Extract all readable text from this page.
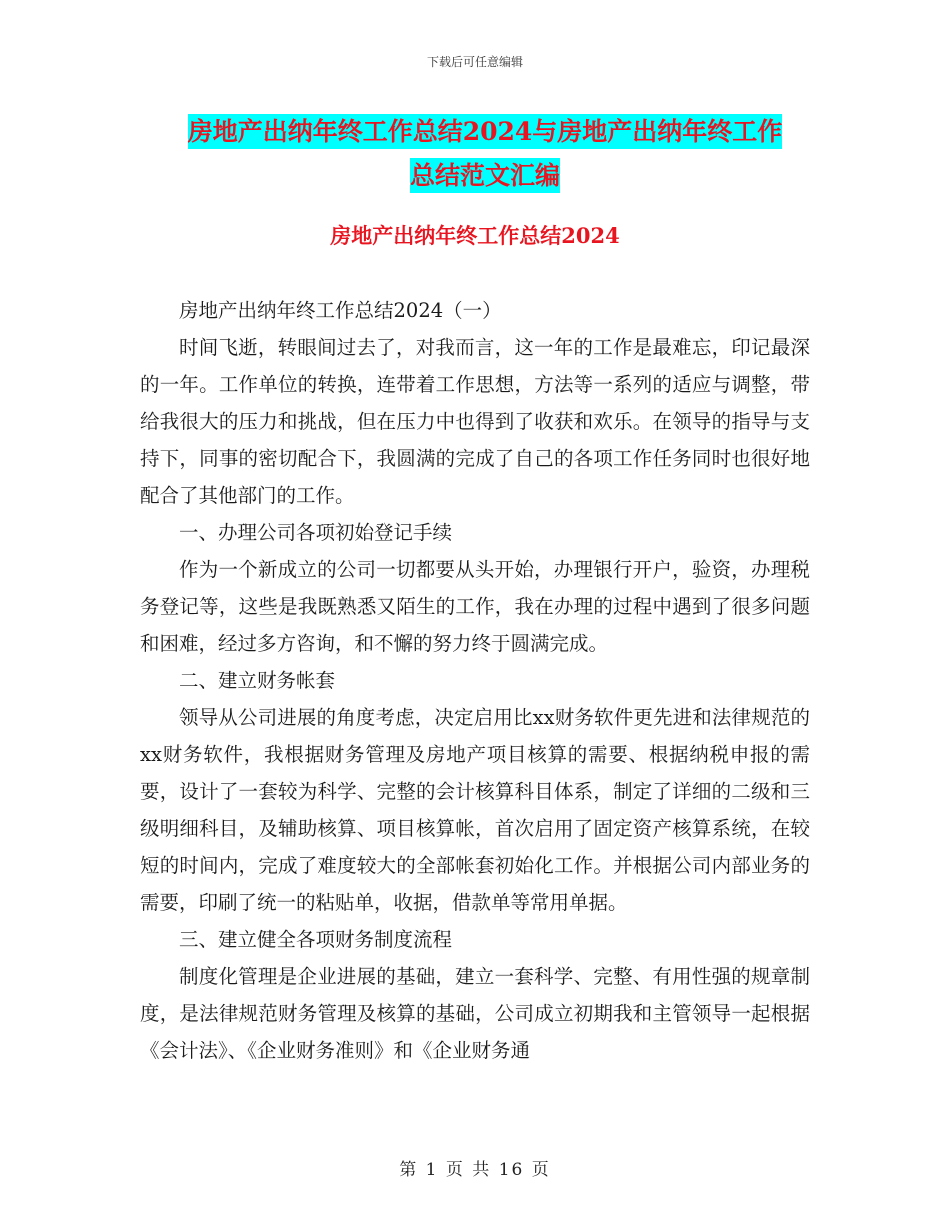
下载后可任意编辑
房地产出纳年终工作总结2024与房地产出纳年终工作
总结范文汇编
房地产出纳年终工作总结2024

房地产出纳年终工作总结2024（一）

时间飞逝，转眼间过去了，对我而言，这一年的工作是最难忘，印记最深的一年。工作单位的转换，连带着工作思想，方法等一系列的适应与调整，带给我很大的压力和挑战，但在压力中也得到了收获和欢乐。在领导的指导与支持下，同事的密切配合下，我圆满的完成了自己的各项工作任务同时也很好地配合了其他部门的工作。

一、办理公司各项初始登记手续

作为一个新成立的公司一切都要从头开始，办理银行开户，验资，办理税务登记等，这些是我既熟悉又陌生的工作，我在办理的过程中遇到了很多问题和困难，经过多方咨询，和不懈的努力终于圆满完成。

二、建立财务帐套

领导从公司进展的角度考虑，决定启用比xx财务软件更先进和法律规范的xx财务软件，我根据财务管理及房地产项目核算的需要、根据纳税申报的需要，设计了一套较为科学、完整的会计核算科目体系，制定了详细的二级和三级明细科目，及辅助核算、项目核算帐，首次启用了固定资产核算系统，在较短的时间内，完成了难度较大的全部帐套初始化工作。并根据公司内部业务的需要，印刷了统一的粘贴单，收据，借款单等常用单据。

三、建立健全各项财务制度流程

制度化管理是企业进展的基础，建立一套科学、完整、有用性强的规章制度，是法律规范财务管理及核算的基础，公司成立初期我和主管领导一起根据《会计法》、《企业财务准则》和《企业财务通

第 1 页 共 16 页
